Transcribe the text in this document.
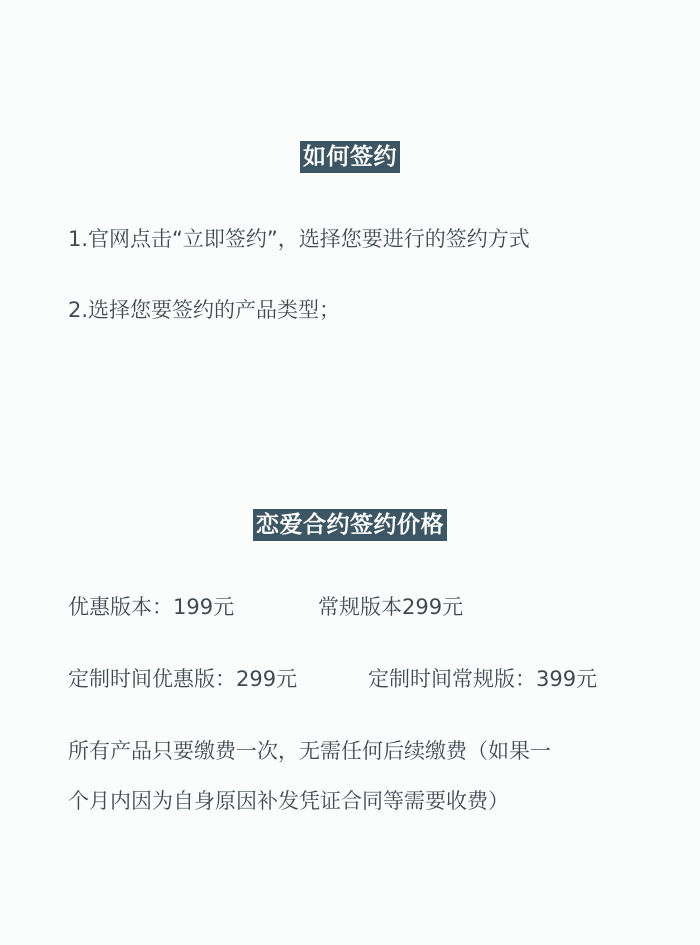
如何签约
1.官网点击“立即签约”，选择您要进行的签约方式
2.选择您要签约的产品类型；
恋爱合约签约价格
优惠版本：199元	常规版本299元
定制时间优惠版：299元	定制时间常规版：399元
所有产品只要缴费一次，无需任何后续缴费（如果一
个月内因为自身原因补发凭证合同等需要收费）
